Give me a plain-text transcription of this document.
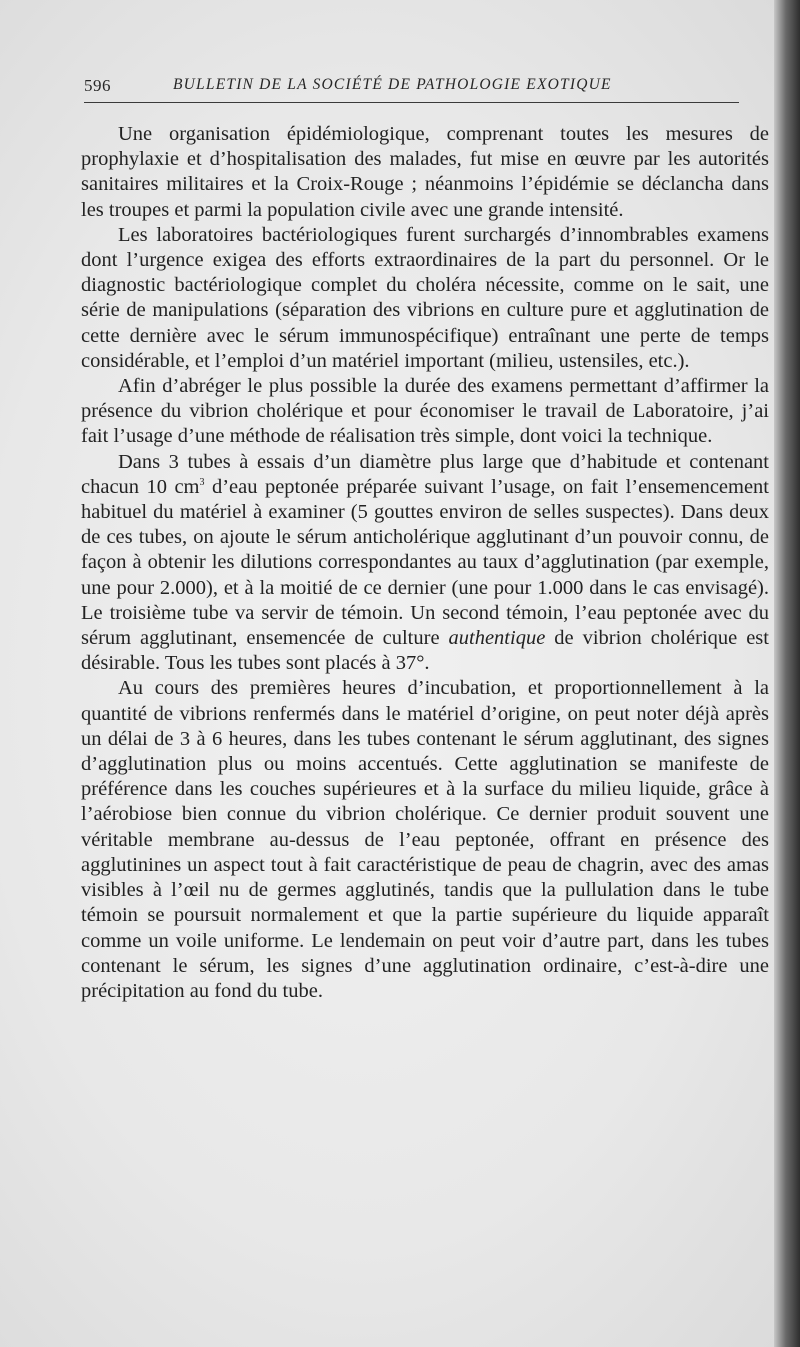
596	BULLETIN DE LA SOCIÉTÉ DE PATHOLOGIE EXOTIQUE

Une organisation épidémiologique, comprenant toutes les mesures de prophylaxie et d’hospitalisation des malades, fut mise en œuvre par les autorités sanitaires militaires et la Croix-Rouge ; néanmoins l’épidémie se déclancha dans les troupes et parmi la population civile avec une grande intensité.

Les laboratoires bactériologiques furent surchargés d’innombrables examens dont l’urgence exigea des efforts extraordinaires de la part du personnel. Or le diagnostic bactériologique complet du choléra nécessite, comme on le sait, une série de manipulations (séparation des vibrions en culture pure et agglutination de cette dernière avec le sérum immunospécifique) entraînant une perte de temps considérable, et l’emploi d’un matériel important (milieu, ustensiles, etc.).

Afin d’abréger le plus possible la durée des examens permettant d’affirmer la présence du vibrion cholérique et pour économiser le travail de Laboratoire, j’ai fait l’usage d’une méthode de réalisation très simple, dont voici la technique.

Dans 3 tubes à essais d’un diamètre plus large que d’habitude et contenant chacun 10 $cm^3$ d’eau peptonée préparée suivant l’usage, on fait l’ensemencement habituel du matériel à examiner (5 gouttes environ de selles suspectes). Dans deux de ces tubes, on ajoute le sérum anticholérique agglutinant d’un pouvoir connu, de façon à obtenir les dilutions correspondantes au taux d’agglutination (par exemple, une pour 2.000), et à la moitié de ce dernier (une pour 1.000 dans le cas envisagé). Le troisième tube va servir de témoin. Un second témoin, l’eau peptonée avec du sérum agglutinant, ensemencée de culture authentique de vibrion cholérique est désirable. Tous les tubes sont placés à 37°.

Au cours des premières heures d’incubation, et proportionnellement à la quantité de vibrions renfermés dans le matériel d’origine, on peut noter déjà après un délai de 3 à 6 heures, dans les tubes contenant le sérum agglutinant, des signes d’agglutination plus ou moins accentués. Cette agglutination se manifeste de préférence dans les couches supérieures et à la surface du milieu liquide, grâce à l’aérobiose bien connue du vibrion cholérique. Ce dernier produit souvent une véritable membrane au-dessus de l’eau peptonée, offrant en présence des agglutinines un aspect tout à fait caractéristique de peau de chagrin, avec des amas visibles à l’œil nu de germes agglutinés, tandis que la pullulation dans le tube témoin se poursuit normalement et que la partie supérieure du liquide apparaît comme un voile uniforme. Le lendemain on peut voir d’autre part, dans les tubes contenant le sérum, les signes d’une agglutination ordinaire, c’est-à-dire une précipitation au fond du tube.
